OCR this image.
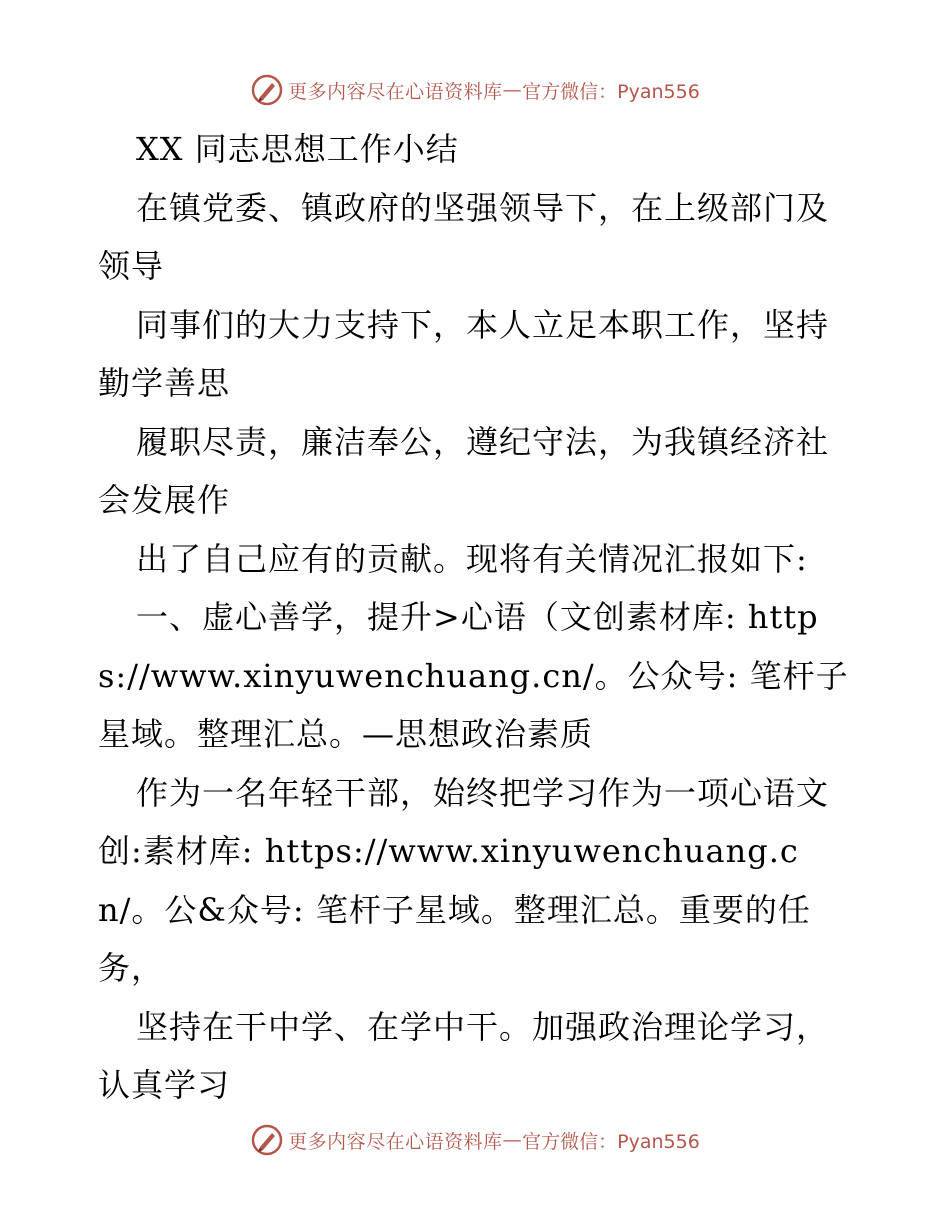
更多内容尽在心语资料库 — 官方微信：Pyan556

XX 同志思想工作小结

在镇党委、镇政府的坚强领导下，在上级部门及领导

同事们的大力支持下，本人立足本职工作，坚持勤学善思

履职尽责，廉洁奉公，遵纪守法，为我镇经济社会发展作

出了自己应有的贡献。现将有关情况汇报如下:

一、虚心善学，提升>心语（文创素材库: https://www.xinyuwenchuang.cn/。公众号: 笔杆子星域。整理汇总。—思想政治素质

作为一名年轻干部，始终把学习作为一项心语文创:素材库: https://www.xinyuwenchuang.cn/。公&众号: 笔杆子星域。整理汇总。重要的任务，

坚持在干中学、在学中干。加强政治理论学习，认真学习

更多内容尽在心语资料库 — 官方微信：Pyan556
